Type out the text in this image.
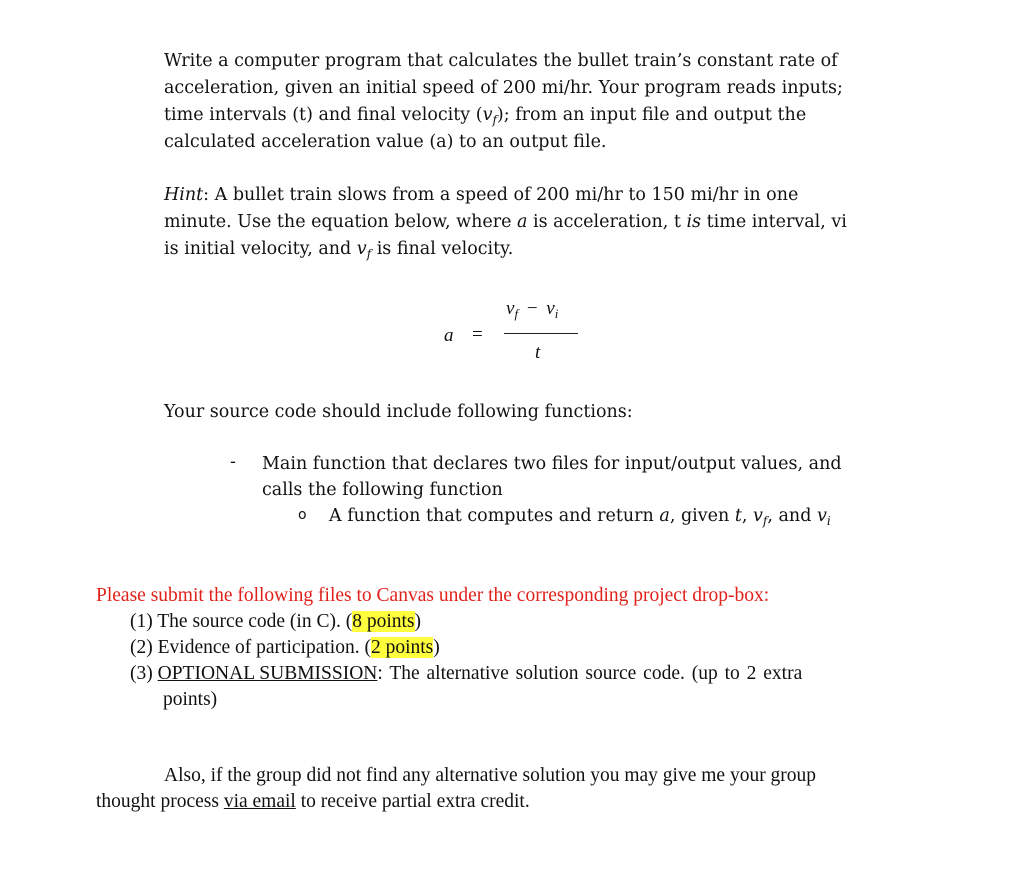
Write a computer program that calculates the bullet train’s constant rate of
acceleration, given an initial speed of 200 mi/hr. Your program reads inputs;
time intervals (t) and final velocity $(v_f)$; from an input file and output the
calculated acceleration value (a) to an output file.
Hint: A bullet train slows from a speed of 200 mi/hr to 150 mi/hr in one
minute. Use the equation below, where a is acceleration, t is time interval, vi
is initial velocity, and $v_f$ is final velocity.
a =
$v_f - v_i$
t
Your source code should include following functions:
- Main function that declares two files for input/output values, and
calls the following function
o A function that computes and return a, given t, $v_f$, and $v_i$
Please submit the following files to Canvas under the corresponding project drop-box:
(1) The source code (in C). (8 points)
(2) Evidence of participation. (2 points)
(3) OPTIONAL SUBMISSION: The alternative solution source code. (up to 2 extra
points)
Also, if the group did not find any alternative solution you may give me your group
thought process via email to receive partial extra credit.
